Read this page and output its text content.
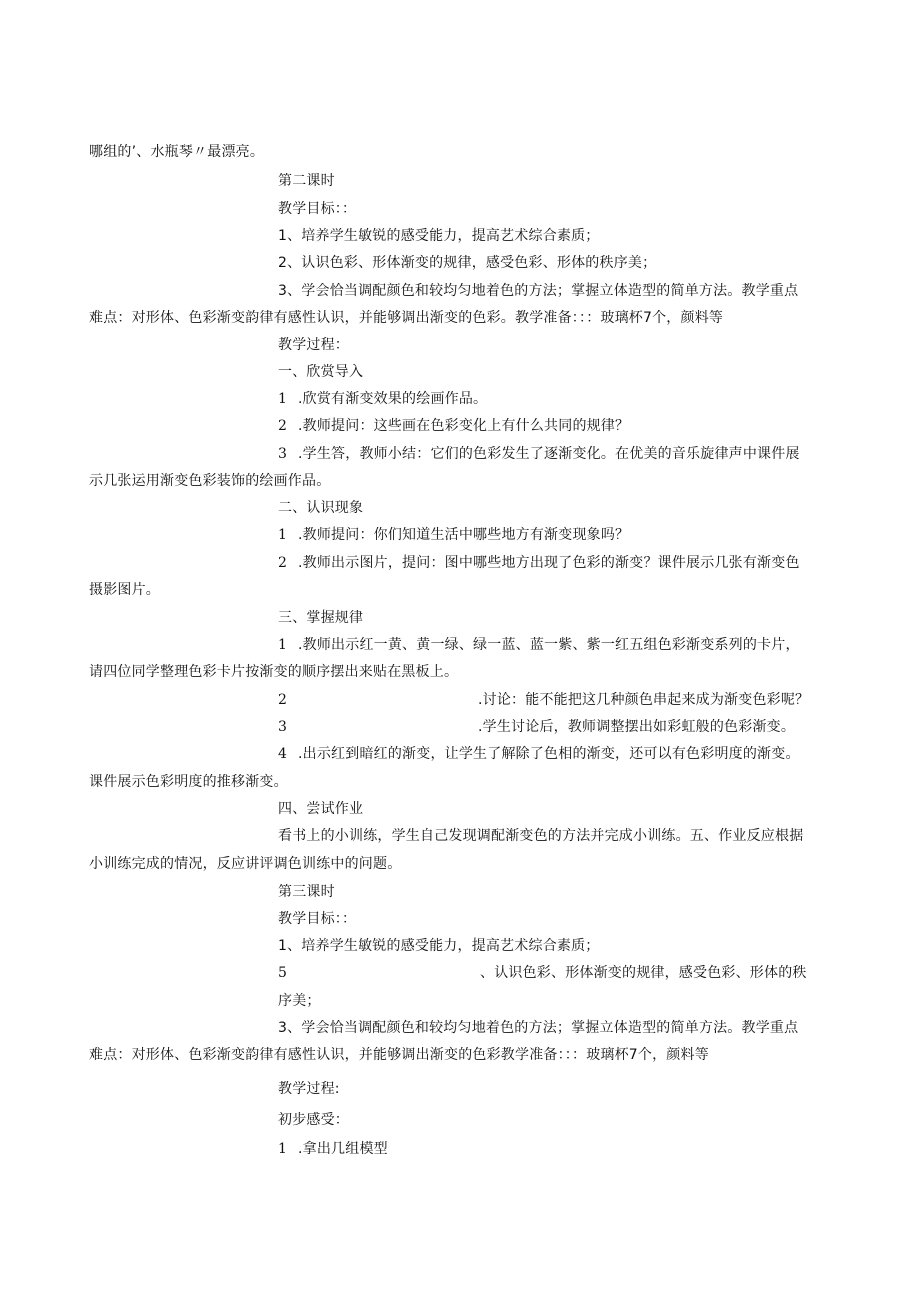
哪组的’、水瓶琴〃最漂亮。
第二课时
教学目标：：
1、培养学生敏锐的感受能力，提高艺术综合素质；
2、认识色彩、形体渐变的规律，感受色彩、形体的秩序美；
3、学会恰当调配颜色和较均匀地着色的方法；掌握立体造型的简单方法。教学重点
难点：对形体、色彩渐变韵律有感性认识，并能够调出渐变的色彩。教学准备：：：玻璃杯7个，颜料等
教学过程：
一、欣赏导入
1 .欣赏有渐变效果的绘画作品。
2 .教师提问：这些画在色彩变化上有什么共同的规律？
3 .学生答，教师小结：它们的色彩发生了逐渐变化。在优美的音乐旋律声中课件展
示几张运用渐变色彩装饰的绘画作品。
二、认识现象
1 .教师提问：你们知道生活中哪些地方有渐变现象吗？
2 .教师出示图片，提问：图中哪些地方出现了色彩的渐变？课件展示几张有渐变色
摄影图片。
三、掌握规律
1 .教师出示红一黄、黄一绿、绿一蓝、蓝一紫、紫一红五组色彩渐变系列的卡片，
请四位同学整理色彩卡片按渐变的顺序摆出来贴在黑板上。
2	.讨论：能不能把这几种颜色串起来成为渐变色彩呢？
3	.学生讨论后，教师调整摆出如彩虹般的色彩渐变。
4 .出示红到暗红的渐变，让学生了解除了色相的渐变，还可以有色彩明度的渐变。
课件展示色彩明度的推移渐变。
四、尝试作业
看书上的小训练，学生自己发现调配渐变色的方法并完成小训练。五、作业反应根据
小训练完成的情况，反应讲评调色训练中的问题。
第三课时
教学目标：：
1、培养学生敏锐的感受能力，提高艺术综合素质；
5	、认识色彩、形体渐变的规律，感受色彩、形体的秩
序美；
3、学会恰当调配颜色和较均匀地着色的方法；掌握立体造型的简单方法。教学重点
难点：对形体、色彩渐变韵律有感性认识，并能够调出渐变的色彩教学准备：：：玻璃杯7个，颜料等
教学过程:
初步感受：
1 .拿出几组模型
